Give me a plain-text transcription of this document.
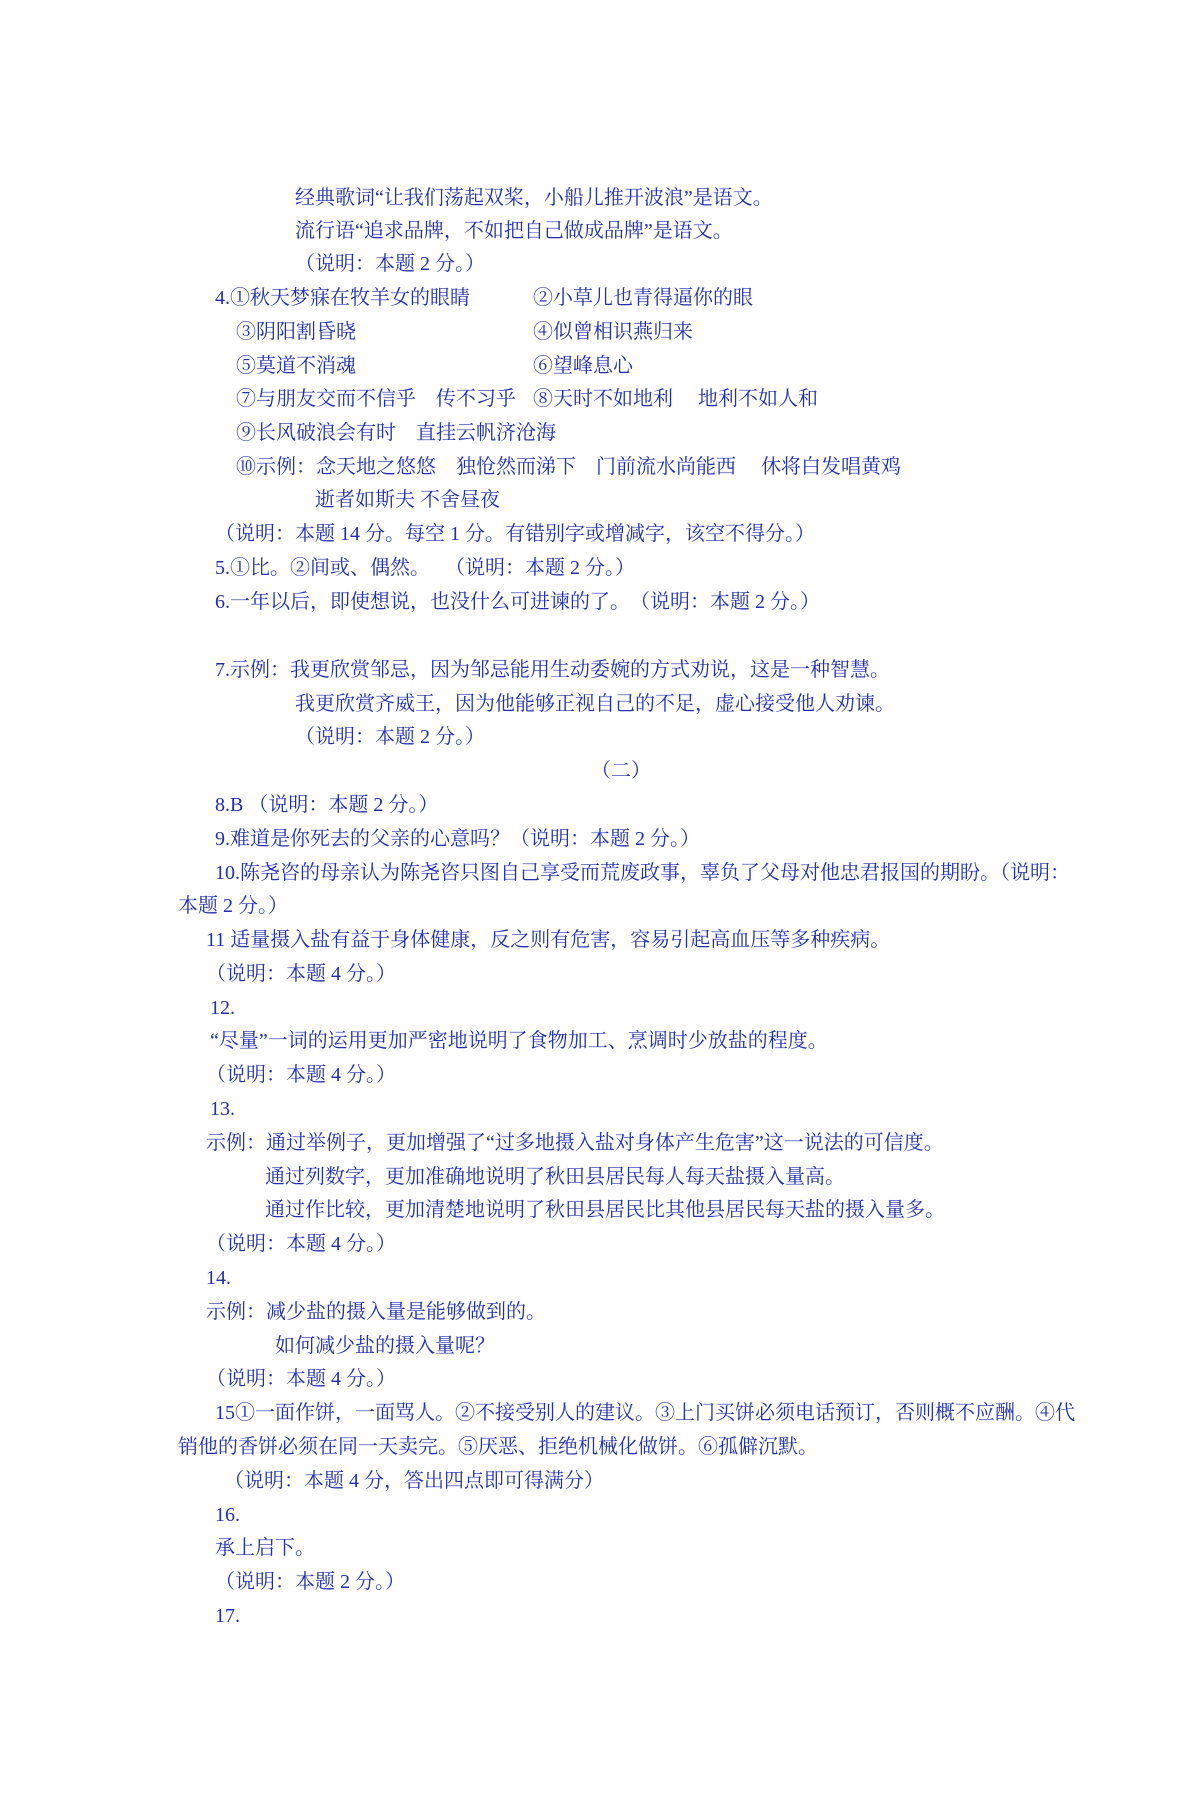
经典歌词“让我们荡起双桨，小船儿推开波浪”是语文。
流行语“追求品牌，不如把自己做成品牌”是语文。
（说明：本题 2 分。）
4.①秋天梦寐在牧羊女的眼睛	②小草儿也青得逼你的眼
③阴阳割昏晓	④似曾相识燕归来
⑤莫道不消魂	⑥望峰息心
⑦与朋友交而不信乎　传不习乎 ⑧天时不如地利　 地利不如人和
⑨长风破浪会有时　直挂云帆济沧海
⑩示例：念天地之悠悠　独怆然而涕下　门前流水尚能西　 休将白发唱黄鸡
逝者如斯夫 不舍昼夜
（说明：本题 14 分。每空 1 分。有错别字或增减字，该空不得分。）
5.①比。②间或、偶然。 　（说明：本题 2 分。）
6.一年以后，即使想说，也没什么可进谏的了。　（说明：本题 2 分。）
7.示例：我更欣赏邹忌，因为邹忌能用生动委婉的方式劝说，这是一种智慧。
我更欣赏齐威王，因为他能够正视自己的不足，虚心接受他人劝谏。
（说明：本题 2 分。）
（二）
8.B （说明：本题 2 分。）
9.难道是你死去的父亲的心意吗？（说明：本题 2 分。）
10.陈尧咨的母亲认为陈尧咨只图自己享受而荒废政事，辜负了父母对他忠君报国的期盼。（说明：
本题 2 分。）
11 适量摄入盐有益于身体健康，反之则有危害，容易引起高血压等多种疾病。
（说明：本题 4 分。）
12.
“尽量”一词的运用更加严密地说明了食物加工、烹调时少放盐的程度。
（说明：本题 4 分。）
13.
示例：通过举例子，更加增强了“过多地摄入盐对身体产生危害”这一说法的可信度。
通过列数字，更加准确地说明了秋田县居民每人每天盐摄入量高。
通过作比较，更加清楚地说明了秋田县居民比其他县居民每天盐的摄入量多。
（说明：本题 4 分。）
14.
示例：减少盐的摄入量是能够做到的。
如何减少盐的摄入量呢？
（说明：本题 4 分。）
15①一面作饼，一面骂人。②不接受别人的建议。③上门买饼必须电话预订，否则概不应酬。④代
销他的香饼必须在同一天卖完。⑤厌恶、拒绝机械化做饼。⑥孤僻沉默。
（说明：本题 4 分，答出四点即可得满分）
16.
承上启下。
（说明：本题 2 分。）
17.
